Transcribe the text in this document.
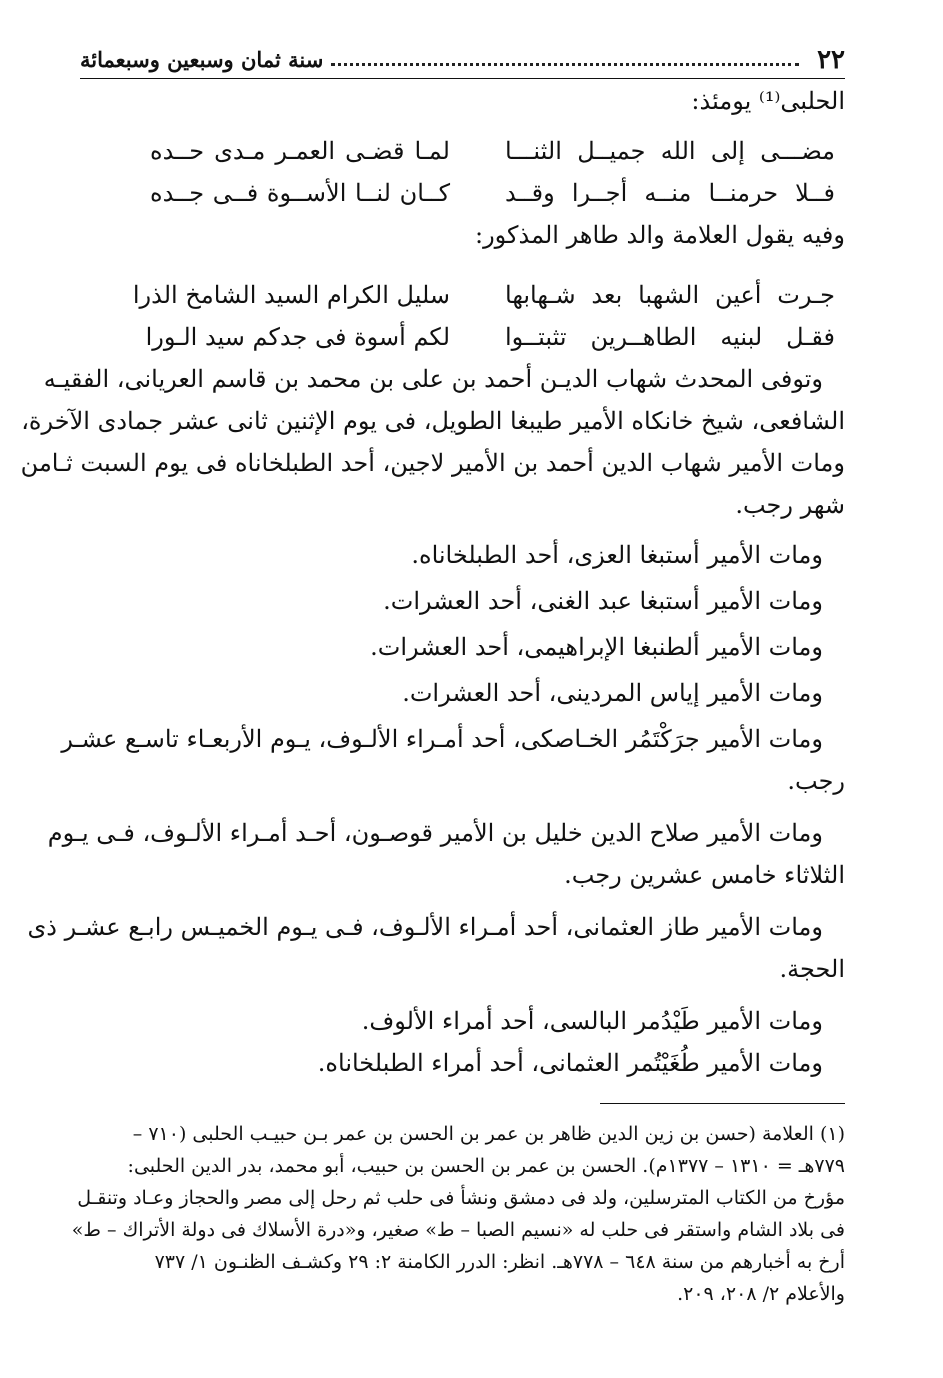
٢٢
سنة ثمان وسبعين وسبعمائة
الحلبى⁽¹⁾ يومئذ:
مضـــى إلى الله جميــل الثنـــا
لمـا قضـى العمـر مـدى حــده
فــلا حرمنــا منــه أجــرا وقــد
كــان لنــا الأســوة فــى جــده
وفيه يقول العلامة والد طاهر المذكور:
جـرت أعين الشهبا بعد شـهابها
سليل الكرام السيد الشامخ الذرا
فقـل لبنيه الطاهــرين تثبتــوا
لكم أسوة فى جدكم سيد الـورا
وتوفى المحدث شهاب الديـن أحمد بن على بن محمد بن قاسم العريانى، الفقيـه
الشافعى، شيخ خانكاه الأمير طيبغا الطويل، فى يوم الإثنين ثانى عشر جمادى الآخرة،
ومات الأمير شهاب الدين أحمد بن الأمير لاجين، أحد الطبلخاناه فى يوم السبت ثـامن
شهر رجب.
ومات الأمير أستبغا العزى، أحد الطبلخاناه.
ومات الأمير أستبغا عبد الغنى، أحد العشرات.
ومات الأمير ألطنبغا الإبراهيمى، أحد العشرات.
ومات الأمير إياس المردينى، أحد العشرات.
ومات الأمير جرَكْتَمُر الخـاصكى، أحد أمـراء الألـوف، يـوم الأربعـاء تاسـع عشـر
رجب.
ومات الأمير صلاح الدين خليل بن الأمير قوصـون، أحـد أمـراء الألـوف، فـى يـوم
الثلاثاء خامس عشرين رجب.
ومات الأمير طاز العثمانى، أحد أمـراء الألـوف، فـى يـوم الخميـس رابـع عشـر ذى
الحجة.
ومات الأمير طَيْدُمر البالسى، أحد أمراء الألوف.
ومات الأمير طُغَيْتُمر العثمانى، أحد أمراء الطبلخاناه.
(١) العلامة (حسن بن زين الدين ظاهر بن عمر بن الحسن بن عمر بـن حبيـب الحلبى (٧١٠ –
٧٧٩هـ = ١٣١٠ – ١٣٧٧م). الحسن بن عمر بن الحسن بن حبيب، أبو محمد، بدر الدين الحلبى:
مؤرخ من الكتاب المترسلين، ولد فى دمشق ونشأ فى حلب ثم رحل إلى مصر والحجاز وعـاد وتنقـل
فى بلاد الشام واستقر فى حلب له «نسيم الصبا – ط» صغير، و«درة الأسلاك فى دولة الأتراك – ط»
أرخ به أخبارهم من سنة ٦٤٨ – ٧٧٨هـ. انظر: الدرر الكامنة ٢: ٢٩ وكشـف الظنـون ١/ ٧٣٧
والأعلام ٢/ ٢٠٨، ٢٠٩.
